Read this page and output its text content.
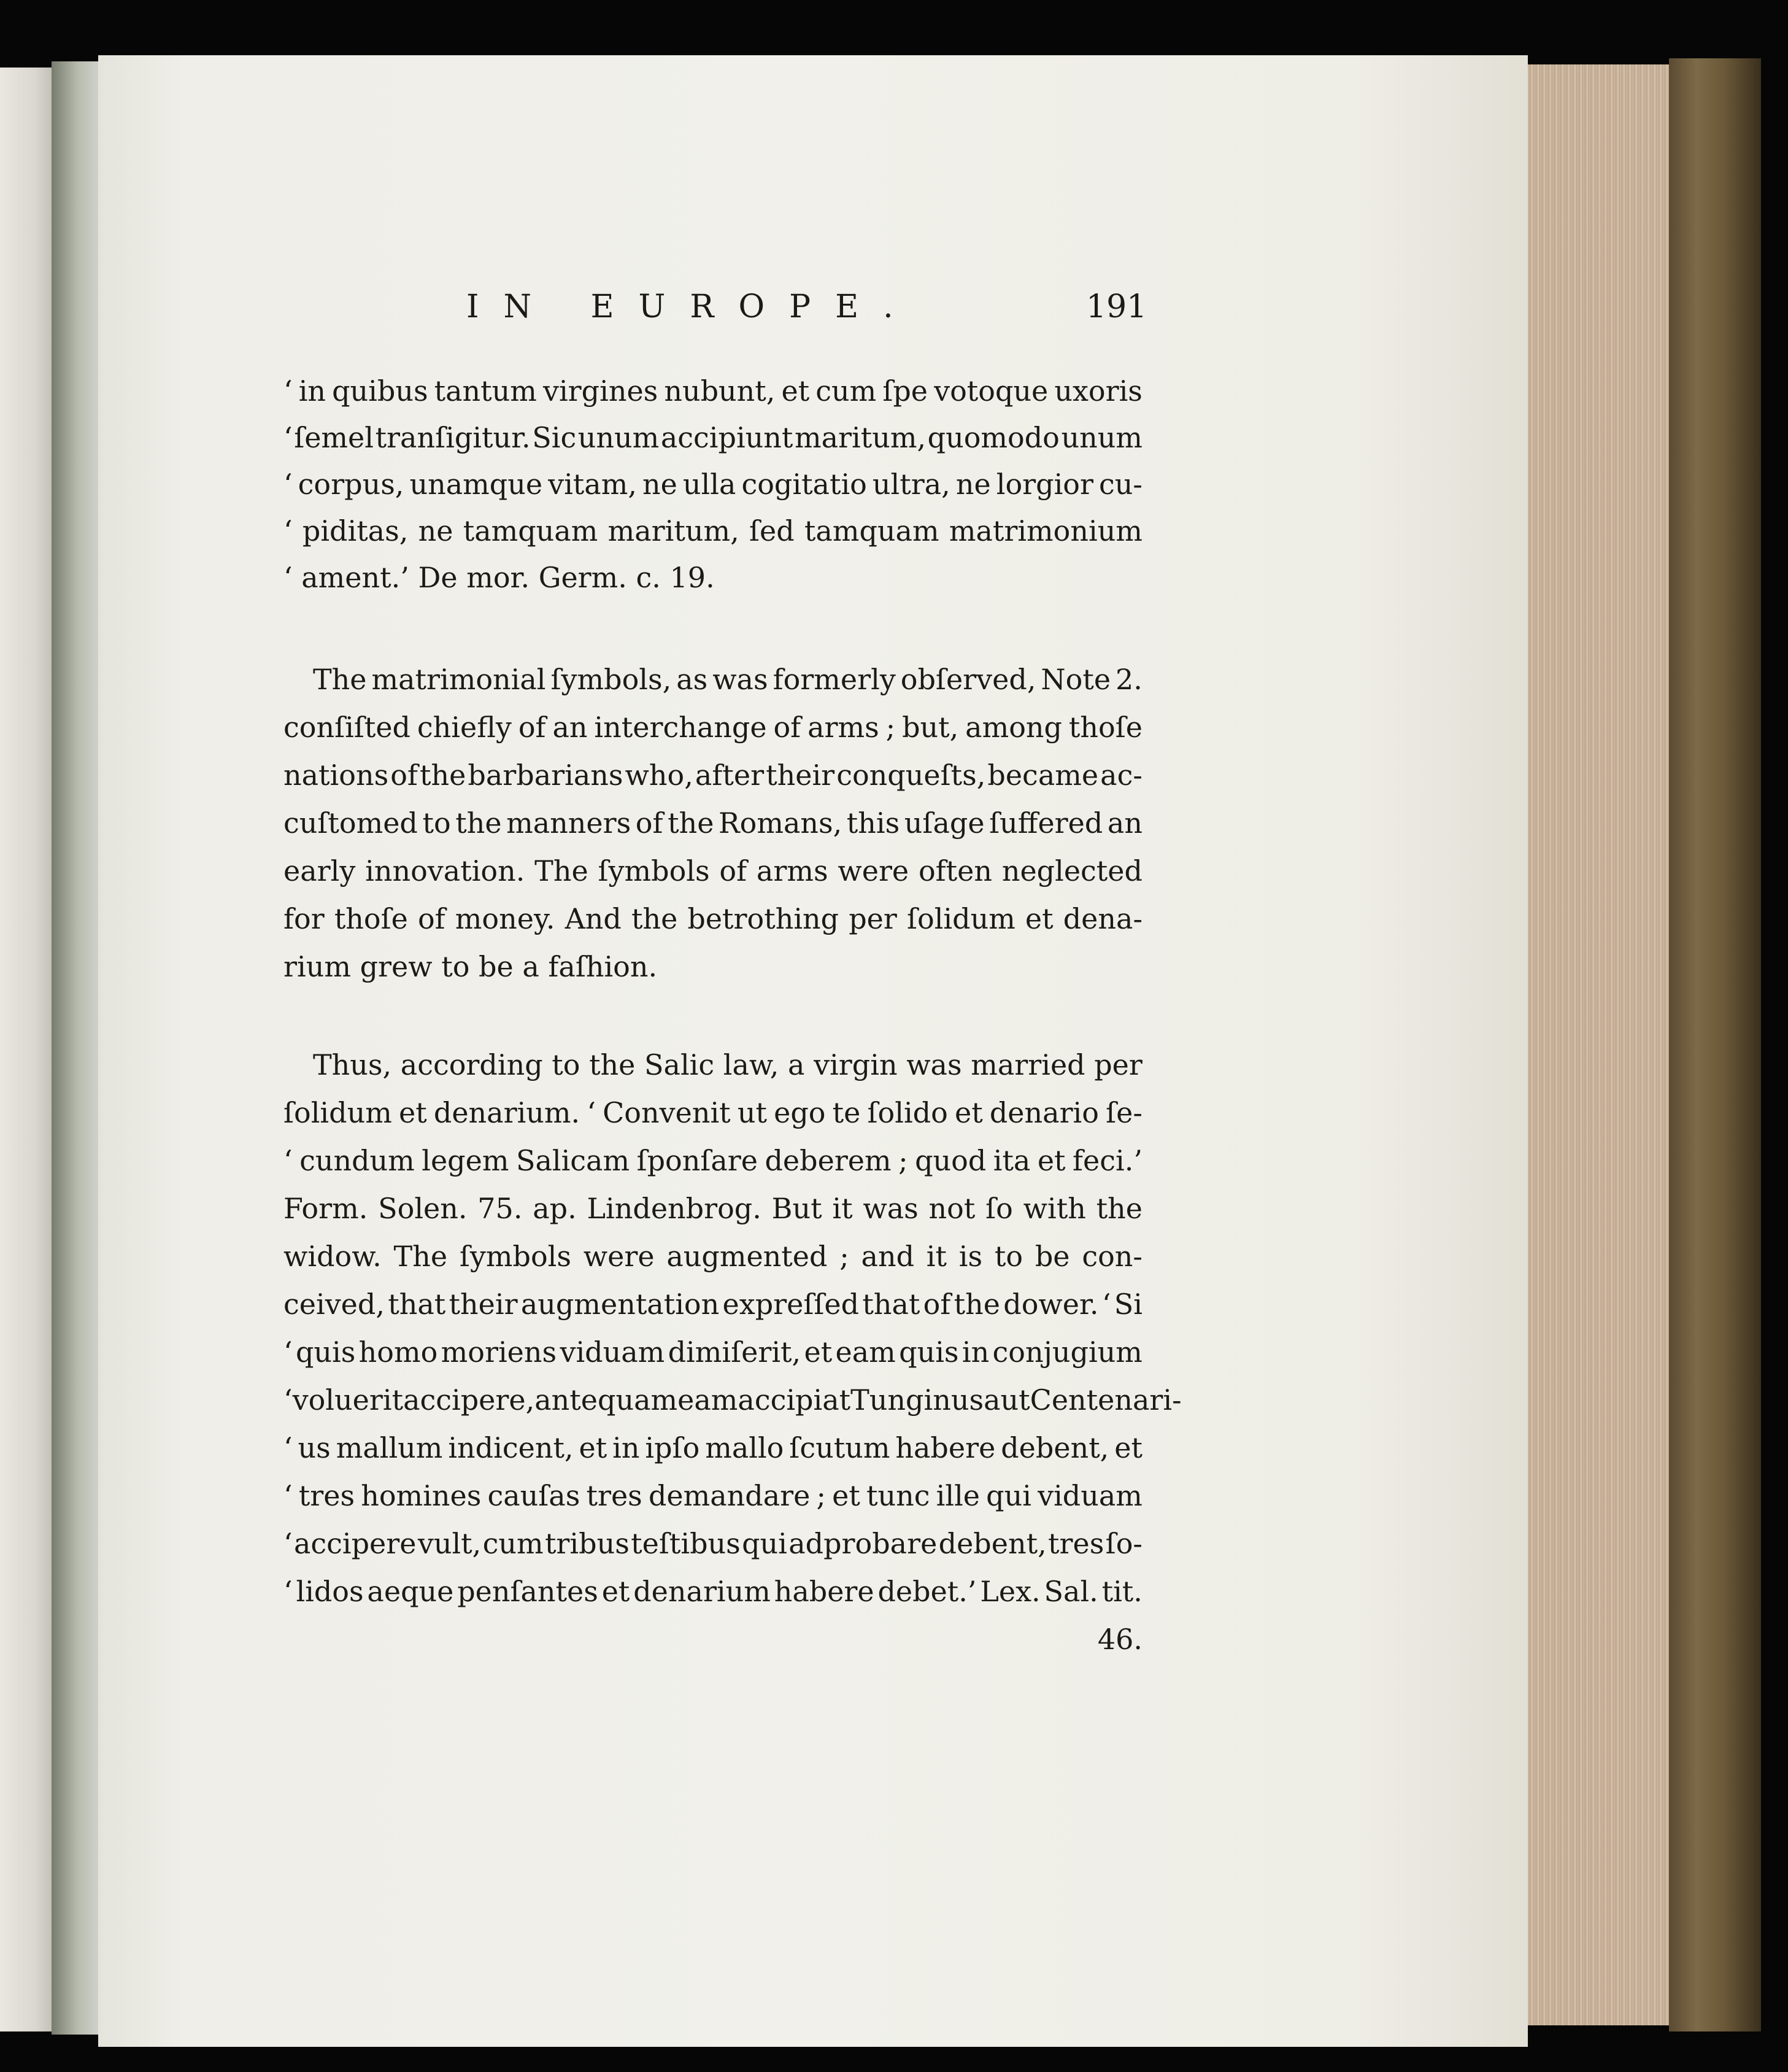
IN EUROPE.	191
‘ in quibus tantum virgines nubunt, et cum ſpe votoque uxoris
‘ ſemel tranſigitur. Sic unum accipiunt maritum, quomodo unum
‘ corpus, unamque vitam, ne ulla cogitatio ultra, ne lorgior cu-
‘ piditas, ne tamquam maritum, ſed tamquam matrimonium
‘ ament.’ De mor. Germ. c. 19.
The matrimonial ſymbols, as was formerly obſerved, Note 2.
conſiſted chiefly of an interchange of arms ; but, among thoſe
nations of the barbarians who, after their conqueſts, became ac-
cuſtomed to the manners of the Romans, this uſage ſuffered an
early innovation. The ſymbols of arms were often neglected
for thoſe of money. And the betrothing per ſolidum et dena-
rium grew to be a faſhion.
Thus, according to the Salic law, a virgin was married per
ſolidum et denarium. ‘ Convenit ut ego te ſolido et denario ſe-
‘ cundum legem Salicam ſponſare deberem ; quod ita et feci.’
Form. Solen. 75. ap. Lindenbrog. But it was not ſo with the
widow. The ſymbols were augmented ; and it is to be con-
ceived, that their augmentation expreſſed that of the dower. ‘ Si
‘ quis homo moriens viduam dimiſerit, et eam quis in conjugium
‘ voluerit accipere, antequam eam accipiat Tunginus aut Centenari-
‘ us mallum indicent, et in ipſo mallo ſcutum habere debent, et
‘ tres homines cauſas tres demandare ; et tunc ille qui viduam
‘ accipere vult, cum tribus teſtibus qui adprobare debent, tres ſo-
‘ lidos aeque penſantes et denarium habere debet.’ Lex. Sal. tit.
46.
